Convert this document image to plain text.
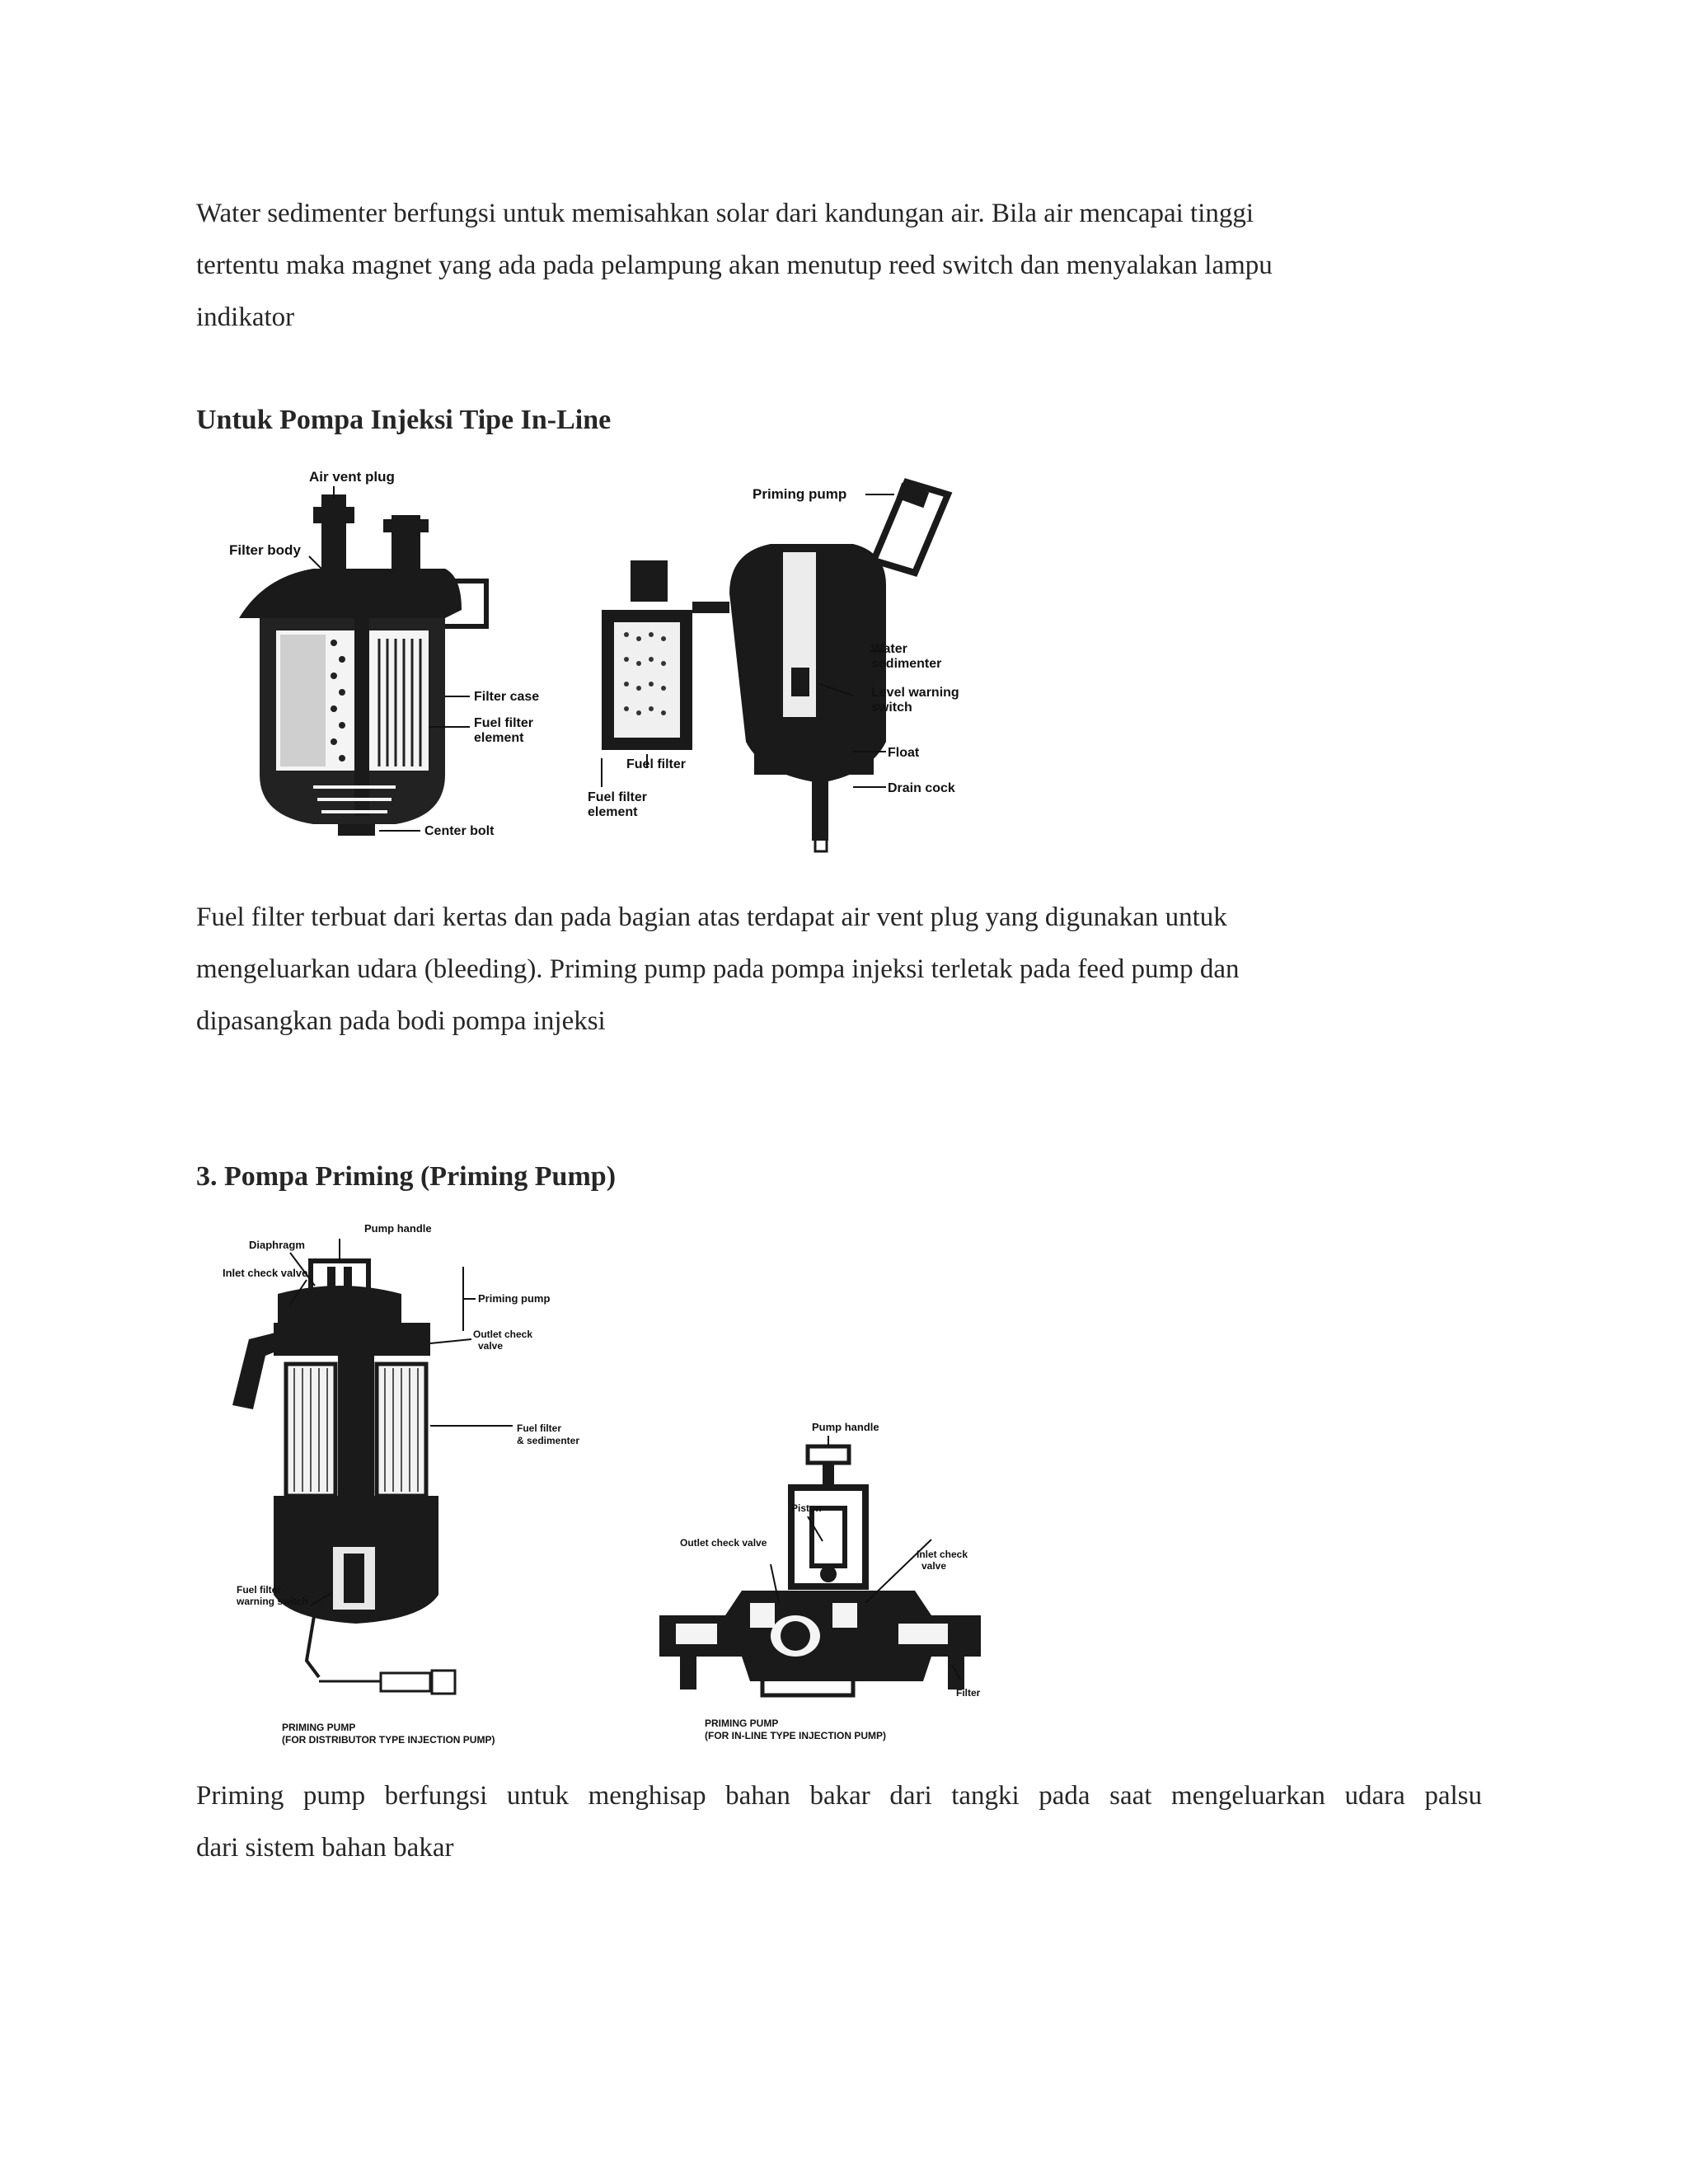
Water sedimenter berfungsi untuk memisahkan solar dari kandungan air. Bila air mencapai tinggi
tertentu maka magnet yang ada pada pelampung akan menutup reed switch dan menyalakan lampu
indikator
Untuk Pompa Injeksi Tipe In-Line
Air vent plug
Filter body
Filter case
Fuel filter
element
Center bolt
Priming pump
Water
sedimenter
Level warning
switch
Float
Drain cock
Fuel filter
Fuel filter
element
Fuel filter terbuat dari kertas dan pada bagian atas terdapat air vent plug yang digunakan untuk
mengeluarkan udara (bleeding). Priming pump pada pompa injeksi terletak pada feed pump dan
dipasangkan pada bodi pompa injeksi
3. Pompa Priming (Priming Pump)
Pump handle
Diaphragm
Inlet check valve
Priming pump
Outlet check
valve
Fuel filter
& sedimenter
Fuel filter
warning switch
PRIMING PUMP
(FOR DISTRIBUTOR TYPE INJECTION PUMP)
Pump handle
Piston
Outlet check valve
Inlet check
valve
Filter
PRIMING PUMP
(FOR IN-LINE TYPE INJECTION PUMP)
Priming pump berfungsi untuk menghisap bahan bakar dari tangki pada saat mengeluarkan udara palsu
dari sistem bahan bakar
